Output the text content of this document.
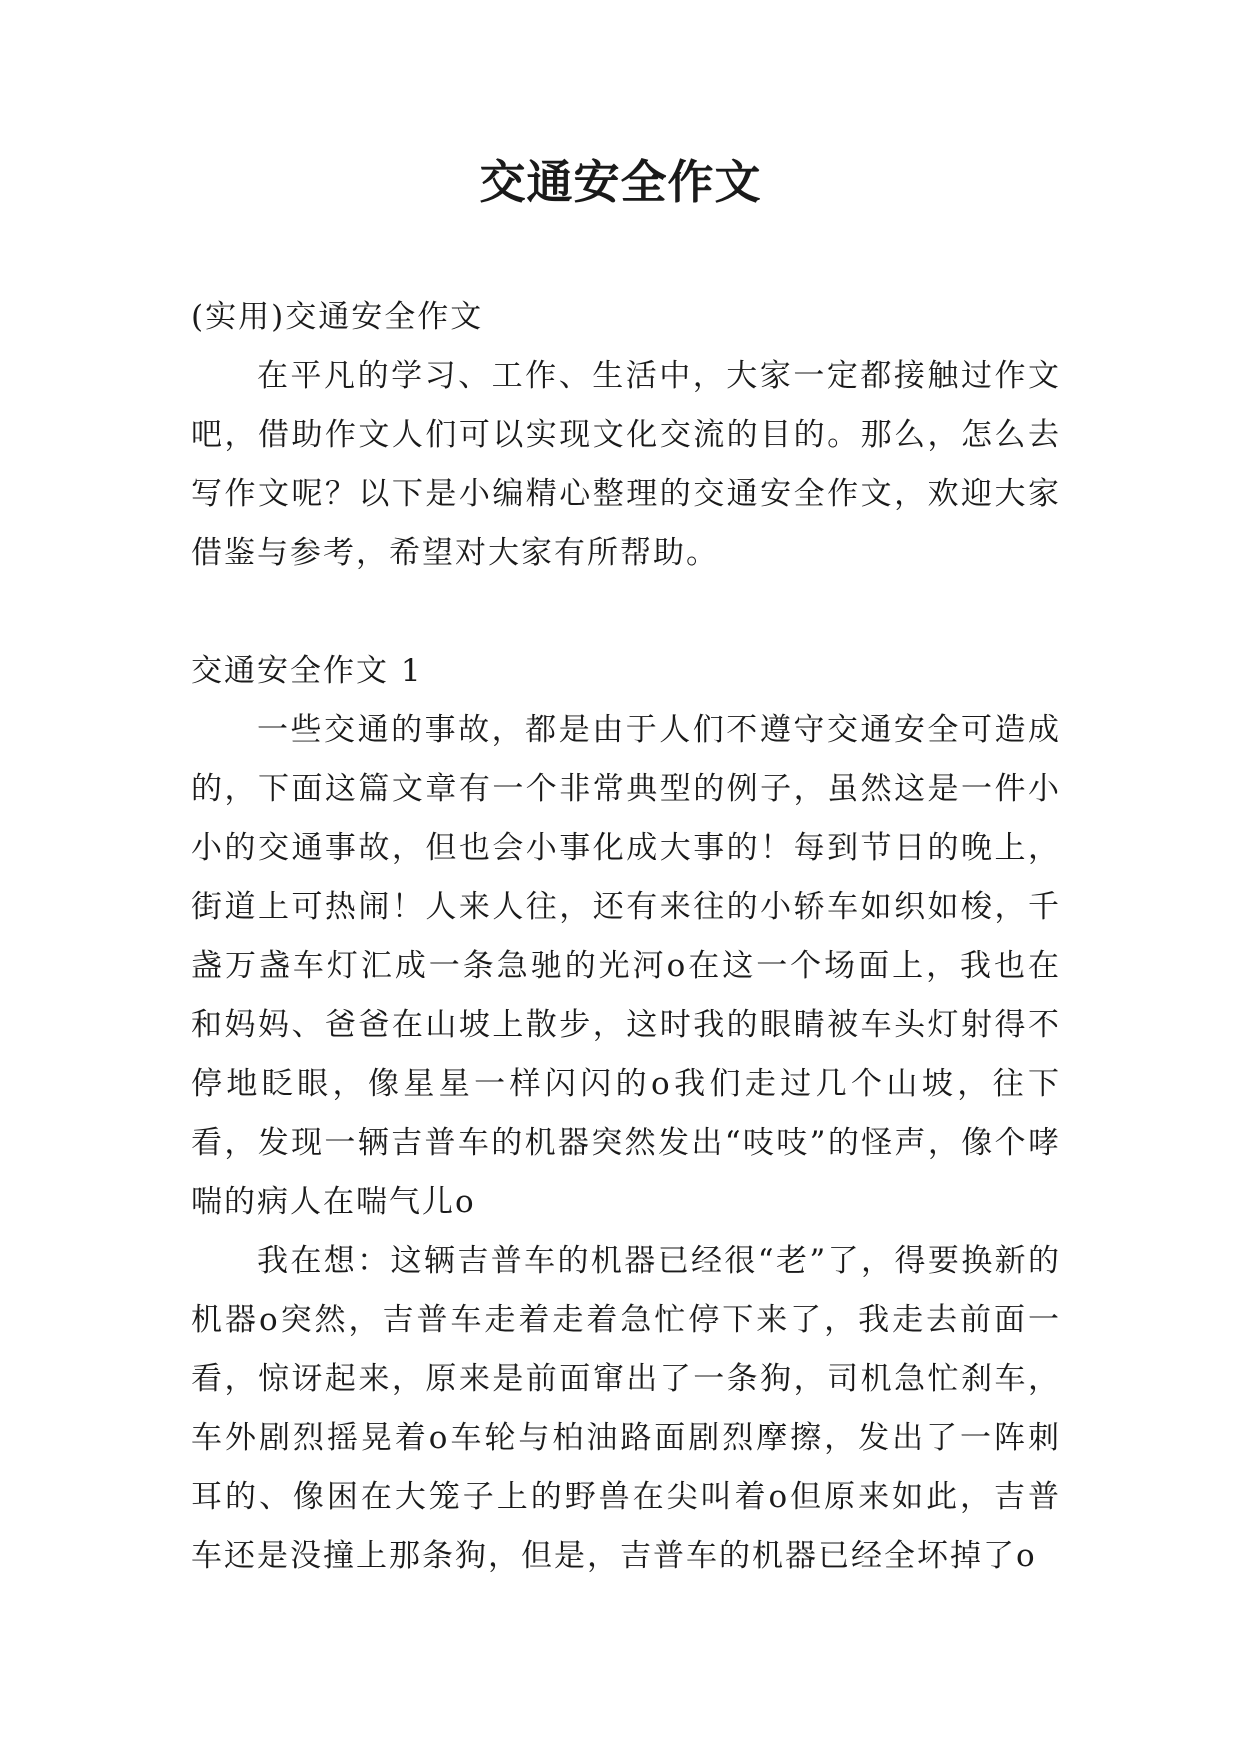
交通安全作文

(实用)交通安全作文

在平凡的学习、工作、生活中，大家一定都接触过作文吧，借助作文人们可以实现文化交流的目的。那么，怎么去写作文呢？以下是小编精心整理的交通安全作文，欢迎大家借鉴与参考，希望对大家有所帮助。

交通安全作文 1

一些交通的事故，都是由于人们不遵守交通安全可造成的，下面这篇文章有一个非常典型的例子，虽然这是一件小小的交通事故，但也会小事化成大事的！每到节日的晚上，街道上可热闹！人来人往，还有来往的小轿车如织如梭，千盏万盏车灯汇成一条急驰的光河o在这一个场面上，我也在和妈妈、爸爸在山坡上散步，这时我的眼睛被车头灯射得不停地眨眼，像星星一样闪闪的o我们走过几个山坡，往下看，发现一辆吉普车的机器突然发出“吱吱”的怪声，像个哮喘的病人在喘气儿o

我在想：这辆吉普车的机器已经很“老”了，得要换新的机器o突然，吉普车走着走着急忙停下来了，我走去前面一看，惊讶起来，原来是前面窜出了一条狗，司机急忙刹车，车外剧烈摇晃着o车轮与柏油路面剧烈摩擦，发出了一阵刺耳的、像困在大笼子上的野兽在尖叫着o但原来如此，吉普车还是没撞上那条狗，但是，吉普车的机器已经全坏掉了o
